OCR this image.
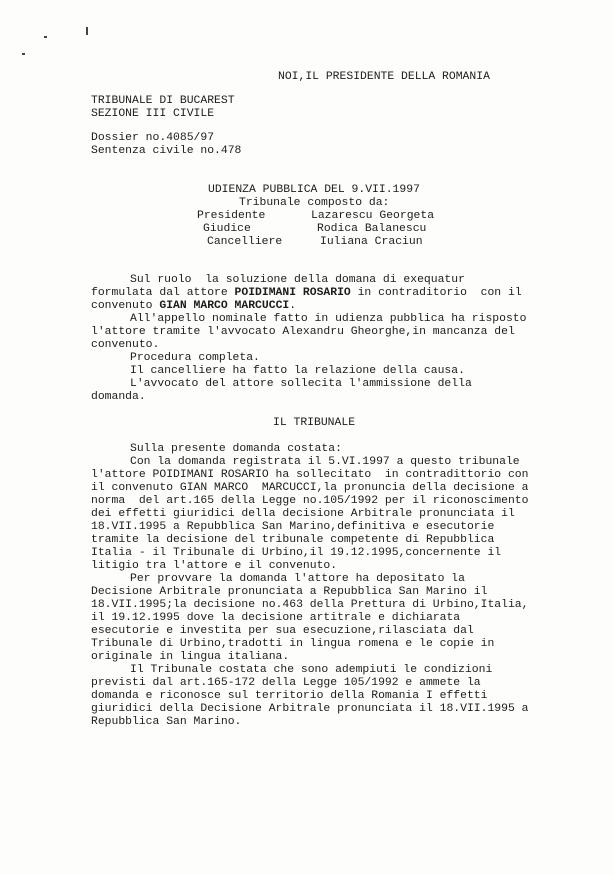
NOI,IL PRESIDENTE DELLA ROMANIA
TRIBUNALE DI BUCAREST
SEZIONE III CIVILE
Dossier no.4085/97
Sentenza civile no.478
UDIENZA PUBBLICA DEL 9.VII.1997
Tribunale composto da:
Presidente	Lazarescu Georgeta
Giudice	Rodica Balanescu
Cancelliere	Iuliana Craciun
Sul ruolo  la soluzione della domana di exequatur
formulata dal attore POIDIMANI ROSARIO in contraditorio  con il
convenuto GIAN MARCO MARCUCCI.
All'appello nominale fatto in udienza pubblica ha risposto
l'attore tramite l'avvocato Alexandru Gheorghe,in mancanza del
convenuto.
Procedura completa.
Il cancelliere ha fatto la relazione della causa.
L'avvocato del attore sollecita l'ammissione della
domanda.
IL TRIBUNALE
Sulla presente domanda costata:
Con la domanda registrata il 5.VI.1997 a questo tribunale
l'attore POIDIMANI ROSARIO ha sollecitato  in contradittorio con
il convenuto GIAN MARCO  MARCUCCI,la pronuncia della decisione a
norma  del art.165 della Legge no.105/1992 per il riconoscimento
dei effetti giuridici della decisione Arbitrale pronunciata il
18.VII.1995 a Repubblica San Marino,definitiva e esecutorie
tramite la decisione del tribunale competente di Repubblica
Italia - il Tribunale di Urbino,il 19.12.1995,concernente il
litigio tra l'attore e il convenuto.
Per provvare la domanda l'attore ha depositato la
Decisione Arbitrale pronunciata a Repubblica San Marino il
18.VII.1995;la decisione no.463 della Prettura di Urbino,Italia,
il 19.12.1995 dove la decisione artitrale e dichiarata
esecutorie e investita per sua esecuzione,rilasciata dal
Tribunale di Urbino,tradotti in lingua romena e le copie in
originale in lingua italiana.
Il Tribunale costata che sono adempiuti le condizioni
previsti dal art.165-172 della Legge 105/1992 e ammete la
domanda e riconosce sul territorio della Romania I effetti
giuridici della Decisione Arbitrale pronunciata il 18.VII.1995 a
Repubblica San Marino.
